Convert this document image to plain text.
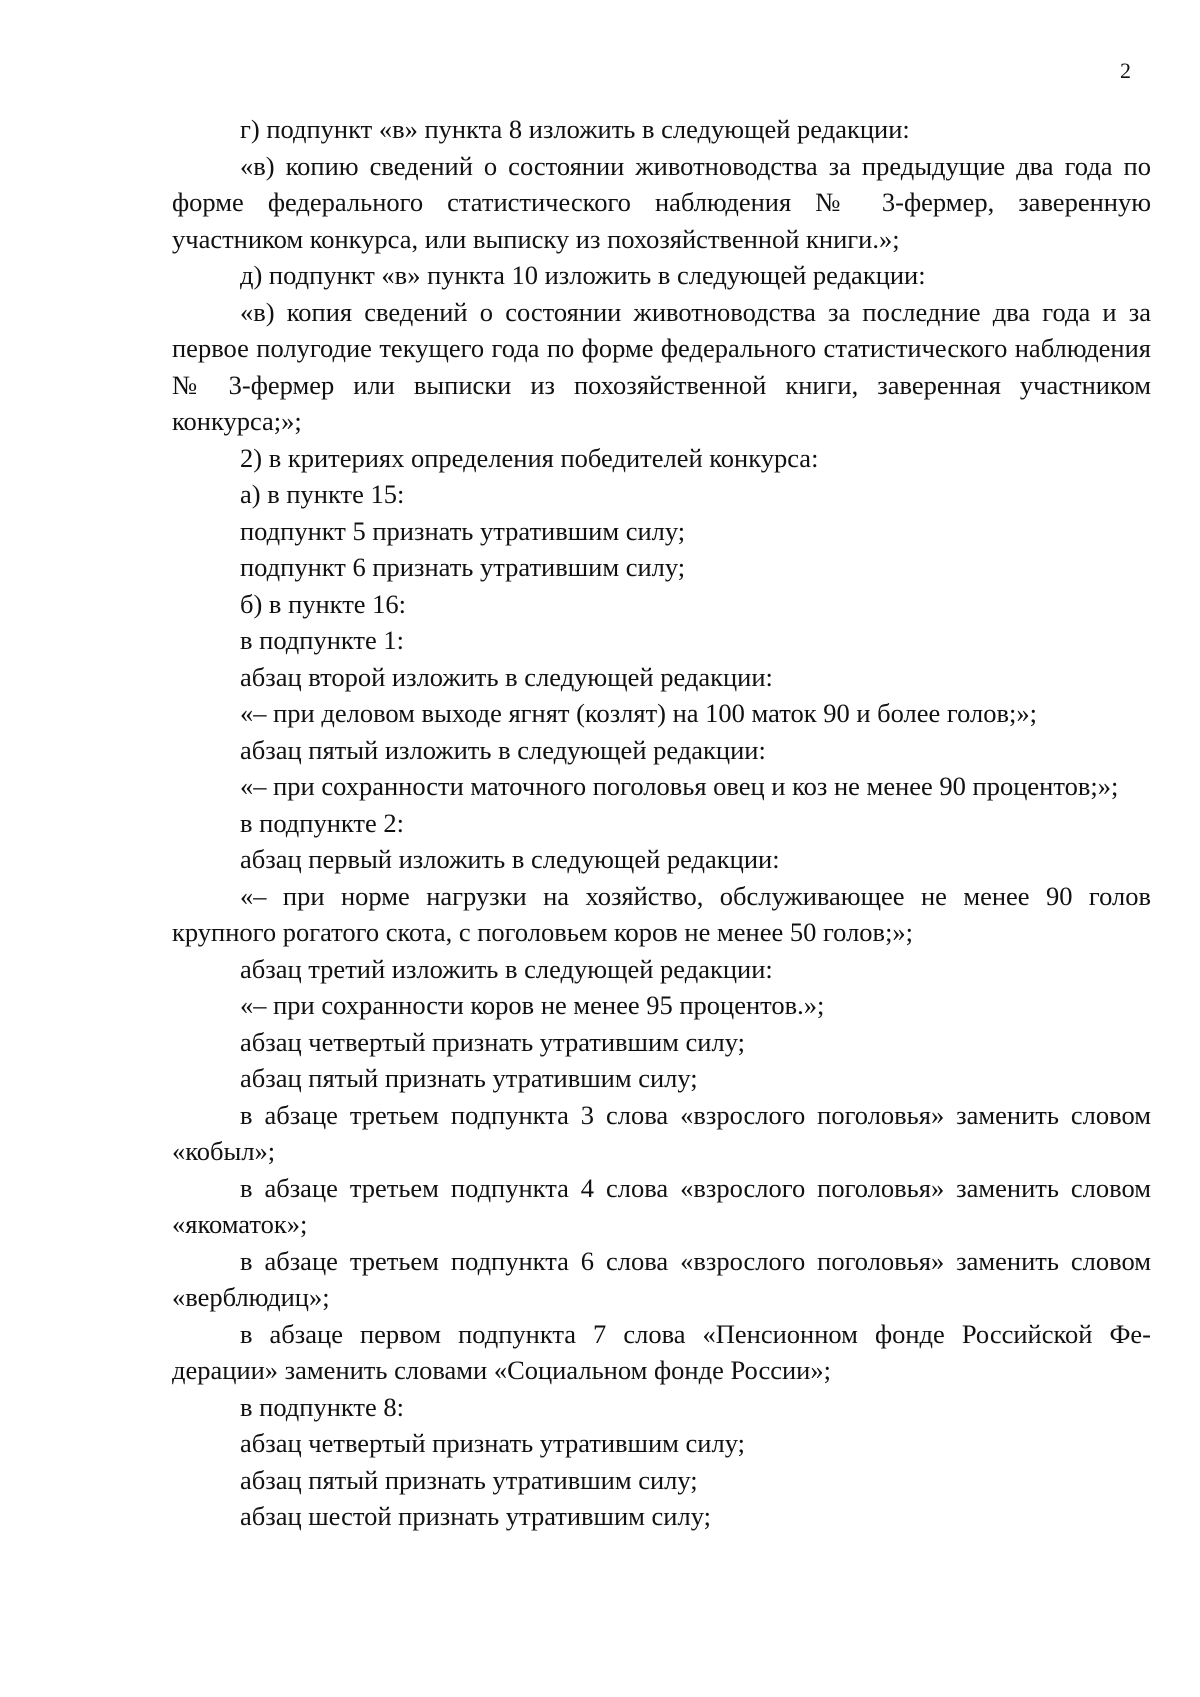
2

г) подпункт «в» пункта 8 изложить в следующей редакции:

«в) копию сведений о состоянии животноводства за предыдущие два года по форме федерального статистического наблюдения № 3-фермер, заверенную участником конкурса, или выписку из похозяйственной книги.»;

д) подпункт «в» пункта 10 изложить в следующей редакции:

«в) копия сведений о состоянии животноводства за последние два года и за первое полугодие текущего года по форме федерального статистического наблюдения № 3-фермер или выписки из похозяйственной книги, заверенная участником конкурса;»;

2) в критериях определения победителей конкурса:

а) в пункте 15:

подпункт 5 признать утратившим силу;

подпункт 6 признать утратившим силу;

б) в пункте 16:

в подпункте 1:

абзац второй изложить в следующей редакции:

«– при деловом выходе ягнят (козлят) на 100 маток 90 и более голов;»;

абзац пятый изложить в следующей редакции:

«– при сохранности маточного поголовья овец и коз не менее 90 процентов;»;

в подпункте 2:

абзац первый изложить в следующей редакции:

«– при норме нагрузки на хозяйство, обслуживающее не менее 90 голов крупного рогатого скота, с поголовьем коров не менее 50 голов;»;

абзац третий изложить в следующей редакции:

«– при сохранности коров не менее 95 процентов.»;

абзац четвертый признать утратившим силу;

абзац пятый признать утратившим силу;

в абзаце третьем подпункта 3 слова «взрослого поголовья» заменить словом «кобыл»;

в абзаце третьем подпункта 4 слова «взрослого поголовья» заменить словом «якоматок»;

в абзаце третьем подпункта 6 слова «взрослого поголовья» заменить словом «верблюдиц»;

в абзаце первом подпункта 7 слова «Пенсионном фонде Российской Федерации» заменить словами «Социальном фонде России»;

в подпункте 8:

абзац четвертый признать утратившим силу;

абзац пятый признать утратившим силу;

абзац шестой признать утратившим силу;
